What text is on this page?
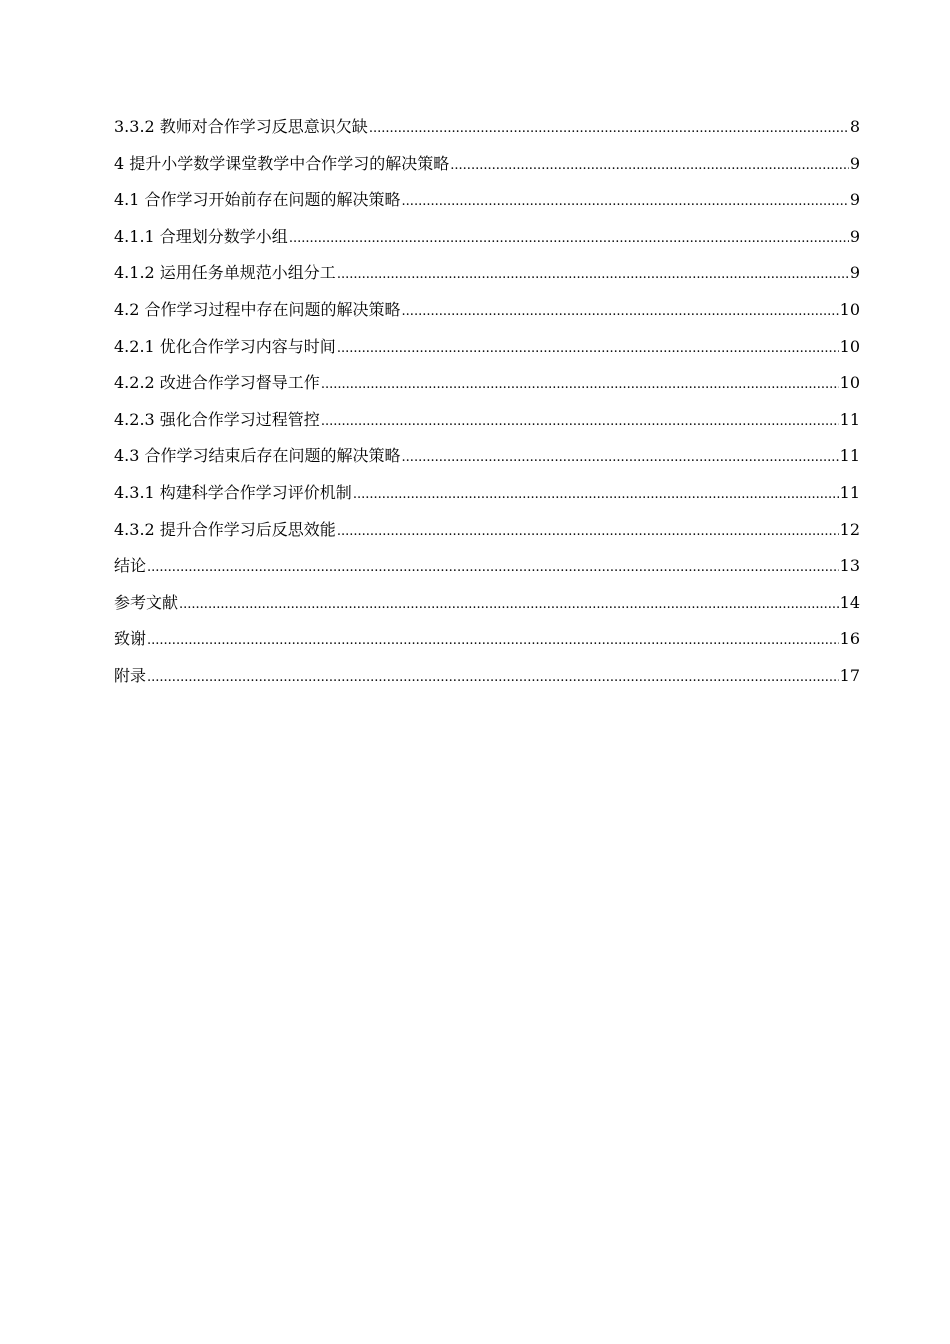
3.3.2 教师对合作学习反思意识欠缺 .....	8
4 提升小学数学课堂教学中合作学习的解决策略 .....	9
4.1 合作学习开始前存在问题的解决策略 .....	9
4.1.1 合理划分数学小组 .....	9
4.1.2 运用任务单规范小组分工 .....	9
4.2 合作学习过程中存在问题的解决策略 .....	10
4.2.1 优化合作学习内容与时间 .....	10
4.2.2 改进合作学习督导工作 .....	10
4.2.3 强化合作学习过程管控 .....	11
4.3 合作学习结束后存在问题的解决策略 .....	11
4.3.1 构建科学合作学习评价机制 .....	11
4.3.2 提升合作学习后反思效能 .....	12
结论 .....	13
参考文献 .....	14
致谢 .....	16
附录 .....	17
